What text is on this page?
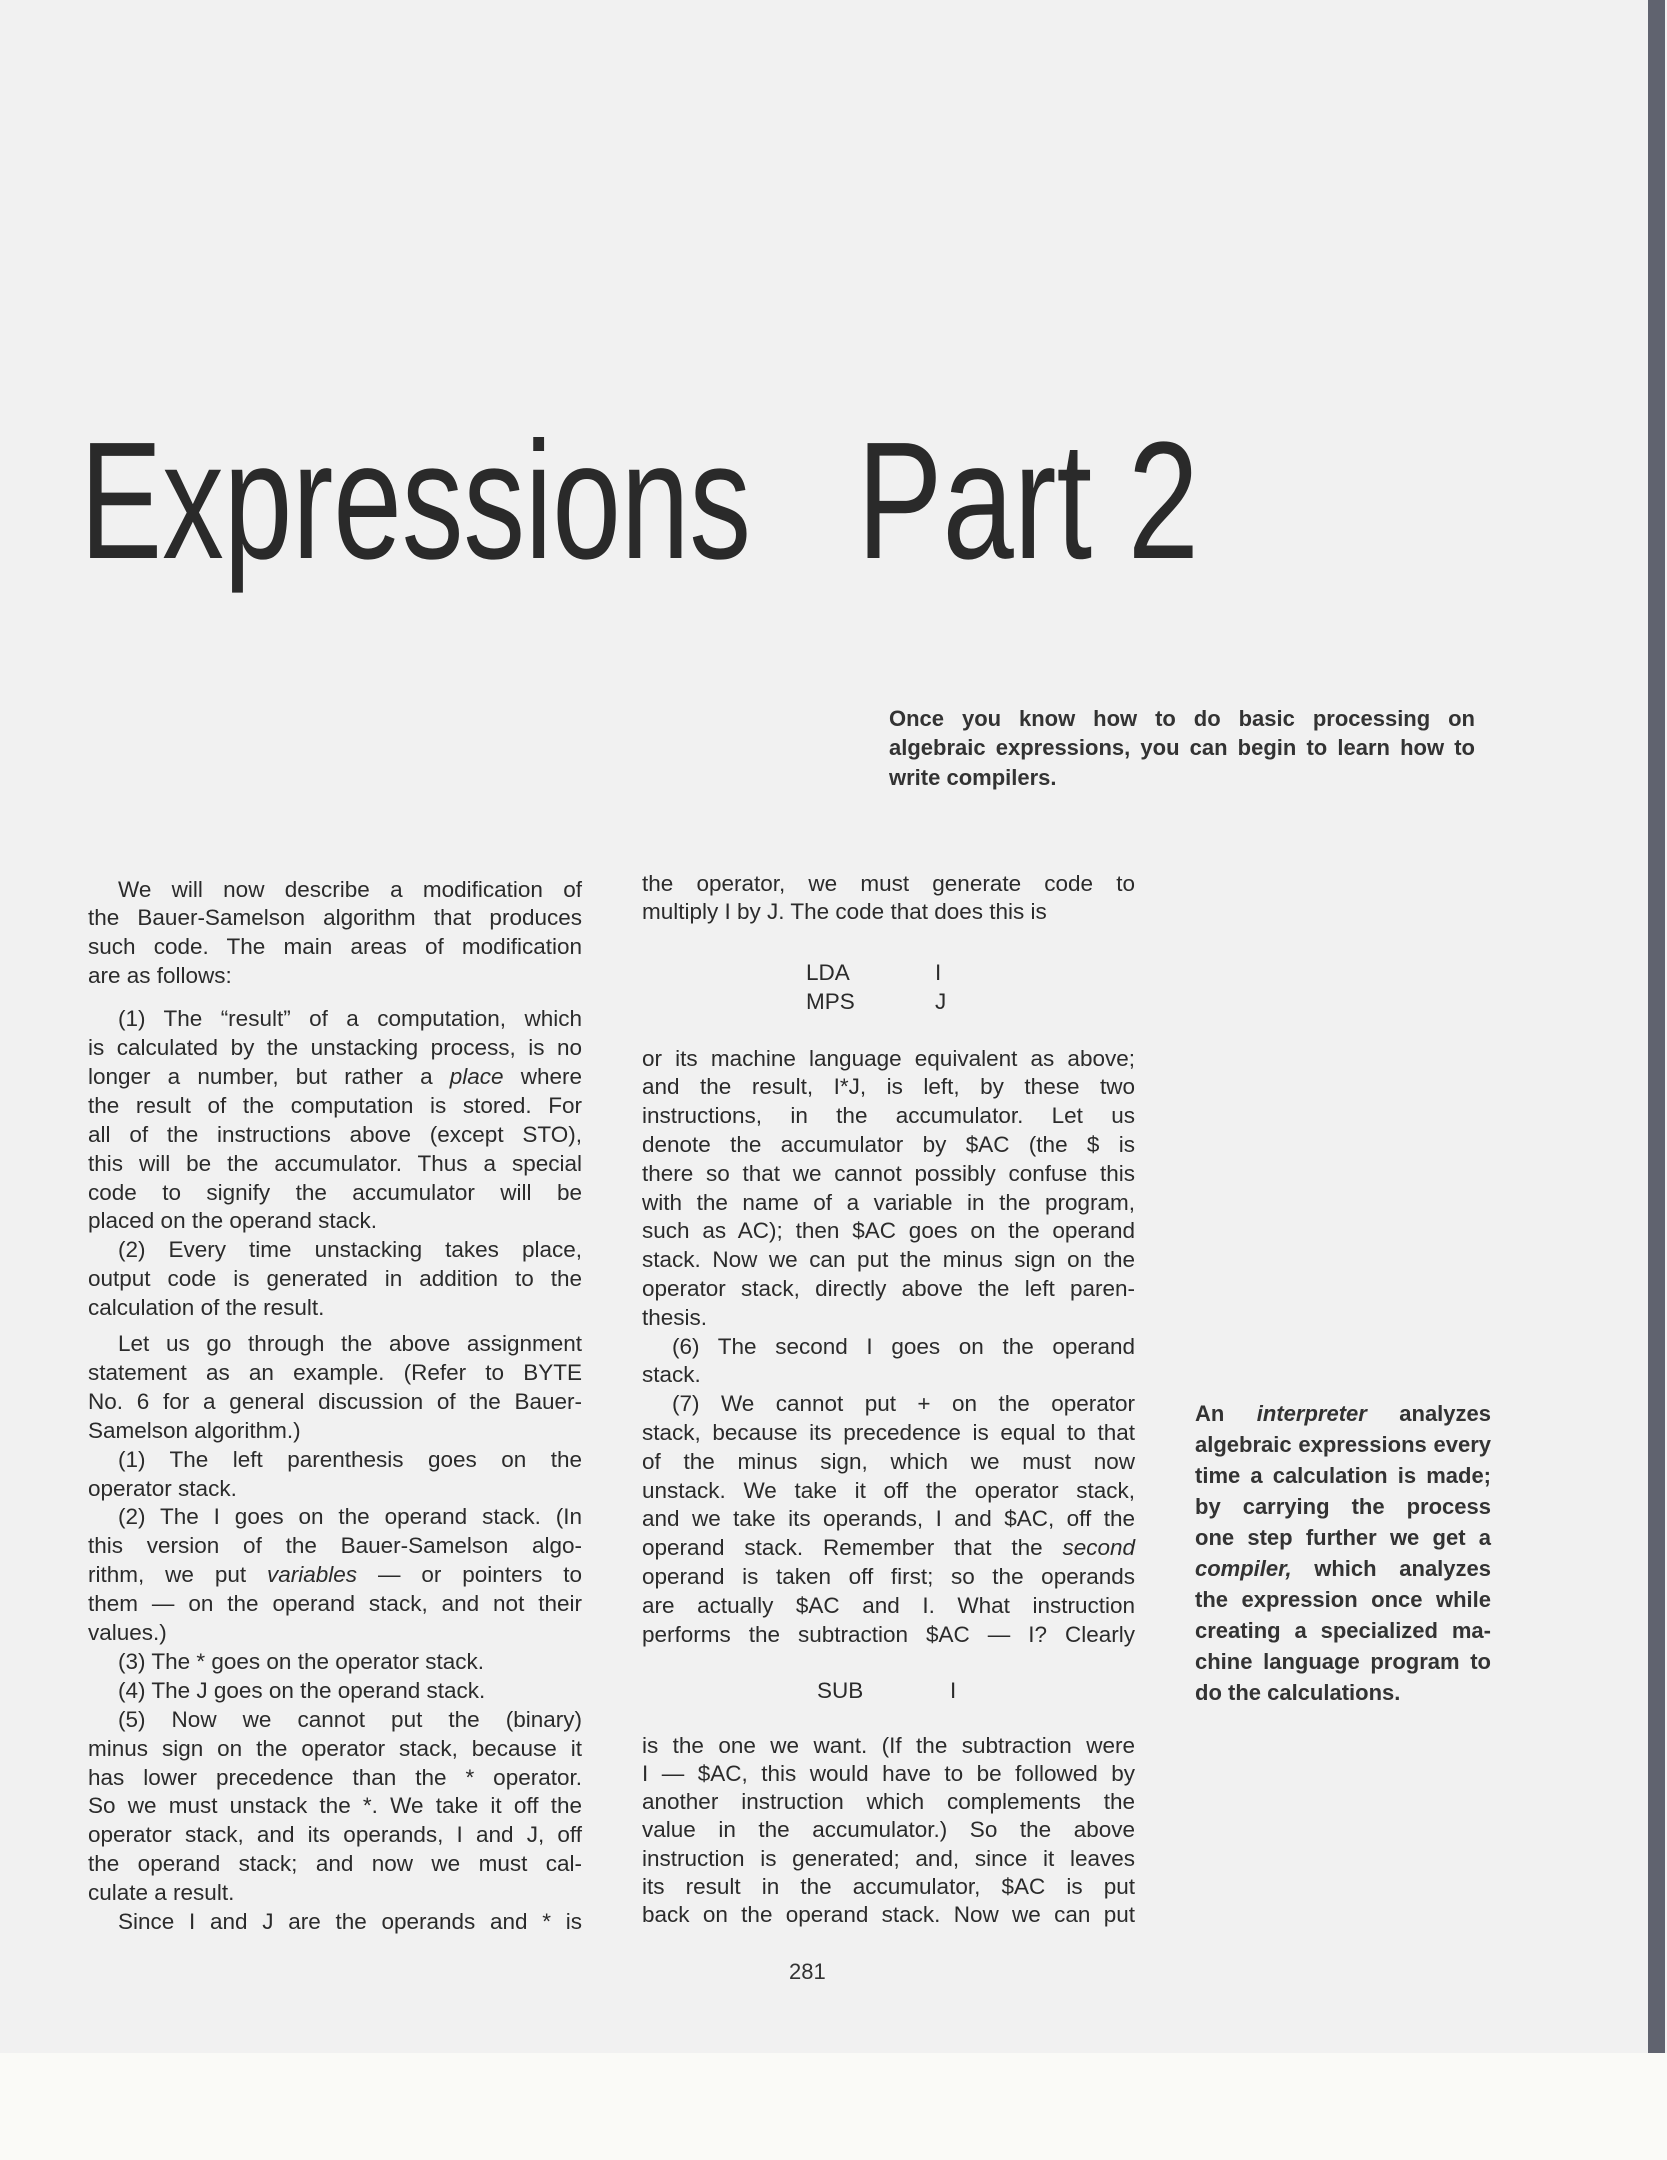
Expressions Part 2
Once you know how to do basic processing on
algebraic expressions, you can begin to learn how to
write compilers.
We will now describe a modification of
the Bauer-Samelson algorithm that produces
such code. The main areas of modification
are as follows:
(1) The “result” of a computation, which
is calculated by the unstacking process, is no
longer a number, but rather a place where
the result of the computation is stored. For
all of the instructions above (except STO),
this will be the accumulator. Thus a special
code to signify the accumulator will be
placed on the operand stack.
(2) Every time unstacking takes place,
output code is generated in addition to the
calculation of the result.
Let us go through the above assignment
statement as an example. (Refer to BYTE
No. 6 for a general discussion of the Bauer-
Samelson algorithm.)
(1) The left parenthesis goes on the
operator stack.
(2) The I goes on the operand stack. (In
this version of the Bauer-Samelson algo-
rithm, we put variables — or pointers to
them — on the operand stack, and not their
values.)
(3) The * goes on the operator stack.
(4) The J goes on the operand stack.
(5) Now we cannot put the (binary)
minus sign on the operator stack, because it
has lower precedence than the * operator.
So we must unstack the *. We take it off the
operator stack, and its operands, I and J, off
the operand stack; and now we must cal-
culate a result.
Since I and J are the operands and * is
the operator, we must generate code to
multiply I by J. The code that does this is
or its machine language equivalent as above;
and the result, I*J, is left, by these two
instructions, in the accumulator. Let us
denote the accumulator by $AC (the $ is
there so that we cannot possibly confuse this
with the name of a variable in the program,
such as AC); then $AC goes on the operand
stack. Now we can put the minus sign on the
operator stack, directly above the left paren-
thesis.
(6) The second I goes on the operand
stack.
(7) We cannot put + on the operator
stack, because its precedence is equal to that
of the minus sign, which we must now
unstack. We take it off the operator stack,
and we take its operands, I and $AC, off the
operand stack. Remember that the second
operand is taken off first; so the operands
are actually $AC and I. What instruction
performs the subtraction $AC — I? Clearly
is the one we want. (If the subtraction were
I — $AC, this would have to be followed by
another instruction which complements the
value in the accumulator.) So the above
instruction is generated; and, since it leaves
its result in the accumulator, $AC is put
back on the operand stack. Now we can put
An interpreter analyzes
algebraic expressions every
time a calculation is made;
by carrying the process
one step further we get a
compiler, which analyzes
the expression once while
creating a specialized ma-
chine language program to
do the calculations.
LDA	I
MPS	J
SUB	I
281
